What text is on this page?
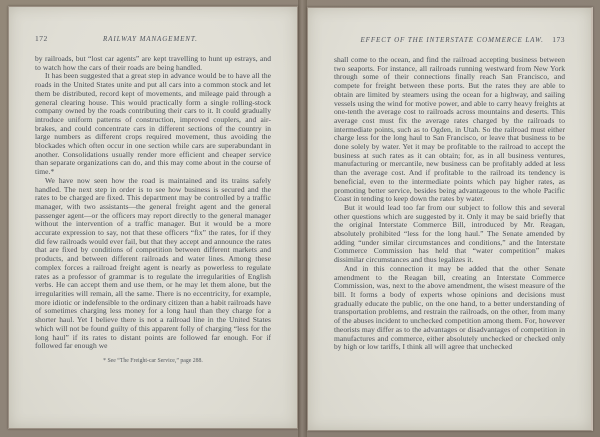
172	RAILWAY MANAGEMENT.

by railroads, but “lost car agents” are kept travelling to hunt up estrays, and to watch how the cars of their roads are being handled.

It has been suggested that a great step in advance would be to have all the roads in the United States unite and put all cars into a common stock and let them be distributed, record kept of movements, and mileage paid through a general clearing house. This would practically form a single rolling-stock company owned by the roads contributing their cars to it. It could gradually introduce uniform patterns of construction, improved couplers, and air-brakes, and could concentrate cars in different sections of the country in large numbers as different crops required movement, thus avoiding the blockades which often occur in one section while cars are superabundant in another. Consolidations usually render more efficient and cheaper service than separate organizations can do, and this may come about in the course of time.*

We have now seen how the road is maintained and its trains safely handled. The next step in order is to see how business is secured and the rates to be charged are fixed. This department may be controlled by a traffic manager, with two assistants—the general freight agent and the general passenger agent—or the officers may report directly to the general manager without the intervention of a traffic manager. But it would be a more accurate expression to say, not that these officers “fix” the rates, for if they did few railroads would ever fail, but that they accept and announce the rates that are fixed by conditions of competition between different markets and products, and between different railroads and water lines. Among these complex forces a railroad freight agent is nearly as powerless to regulate rates as a professor of grammar is to regulate the irregularities of English verbs. He can accept them and use them, or he may let them alone, but the irregularities will remain, all the same. There is no eccentricity, for example, more idiotic or indefensible to the ordinary citizen than a habit railroads have of sometimes charging less money for a long haul than they charge for a shorter haul. Yet I believe there is not a railroad line in the United States which will not be found guilty of this apparent folly of charging “less for the long haul” if its rates to distant points are followed far enough. For if followed far enough we

* See “The Freight-car Service,” page 288.
EFFECT OF THE INTERSTATE COMMERCE LAW.	173

shall come to the ocean, and find the railroad accepting business between two seaports. For instance, all railroads running westward from New York through some of their connections finally reach San Francisco, and compete for freight between these ports. But the rates they are able to obtain are limited by steamers using the ocean for a highway, and sailing vessels using the wind for motive power, and able to carry heavy freights at one-tenth the average cost to railroads across mountains and deserts. This average cost must fix the average rates charged by the railroads to intermediate points, such as to Ogden, in Utah. So the railroad must either charge less for the long haul to San Francisco, or leave that business to be done solely by water. Yet it may be profitable to the railroad to accept the business at such rates as it can obtain; for, as in all business ventures, manufacturing or mercantile, new business can be profitably added at less than the average cost. And if profitable to the railroad its tendency is beneficial, even to the intermediate points which pay higher rates, as promoting better service, besides being advantageous to the whole Pacific Coast in tending to keep down the rates by water.

But it would lead too far from our subject to follow this and several other questions which are suggested by it. Only it may be said briefly that the original Interstate Commerce Bill, introduced by Mr. Reagan, absolutely prohibited “less for the long haul.” The Senate amended by adding “under similar circumstances and conditions,” and the Interstate Commerce Commission has held that “water competition” makes dissimilar circumstances and thus legalizes it.

And in this connection it may be added that the other Senate amendment to the Reagan bill, creating an Interstate Commerce Commission, was, next to the above amendment, the wisest measure of the bill. It forms a body of experts whose opinions and decisions must gradually educate the public, on the one hand, to a better understanding of transportation problems, and restrain the railroads, on the other, from many of the abuses incident to unchecked competition among them. For, however theorists may differ as to the advantages or disadvantages of competition in manufactures and commerce, either absolutely unchecked or checked only by high or low tariffs, I think all will agree that unchecked
